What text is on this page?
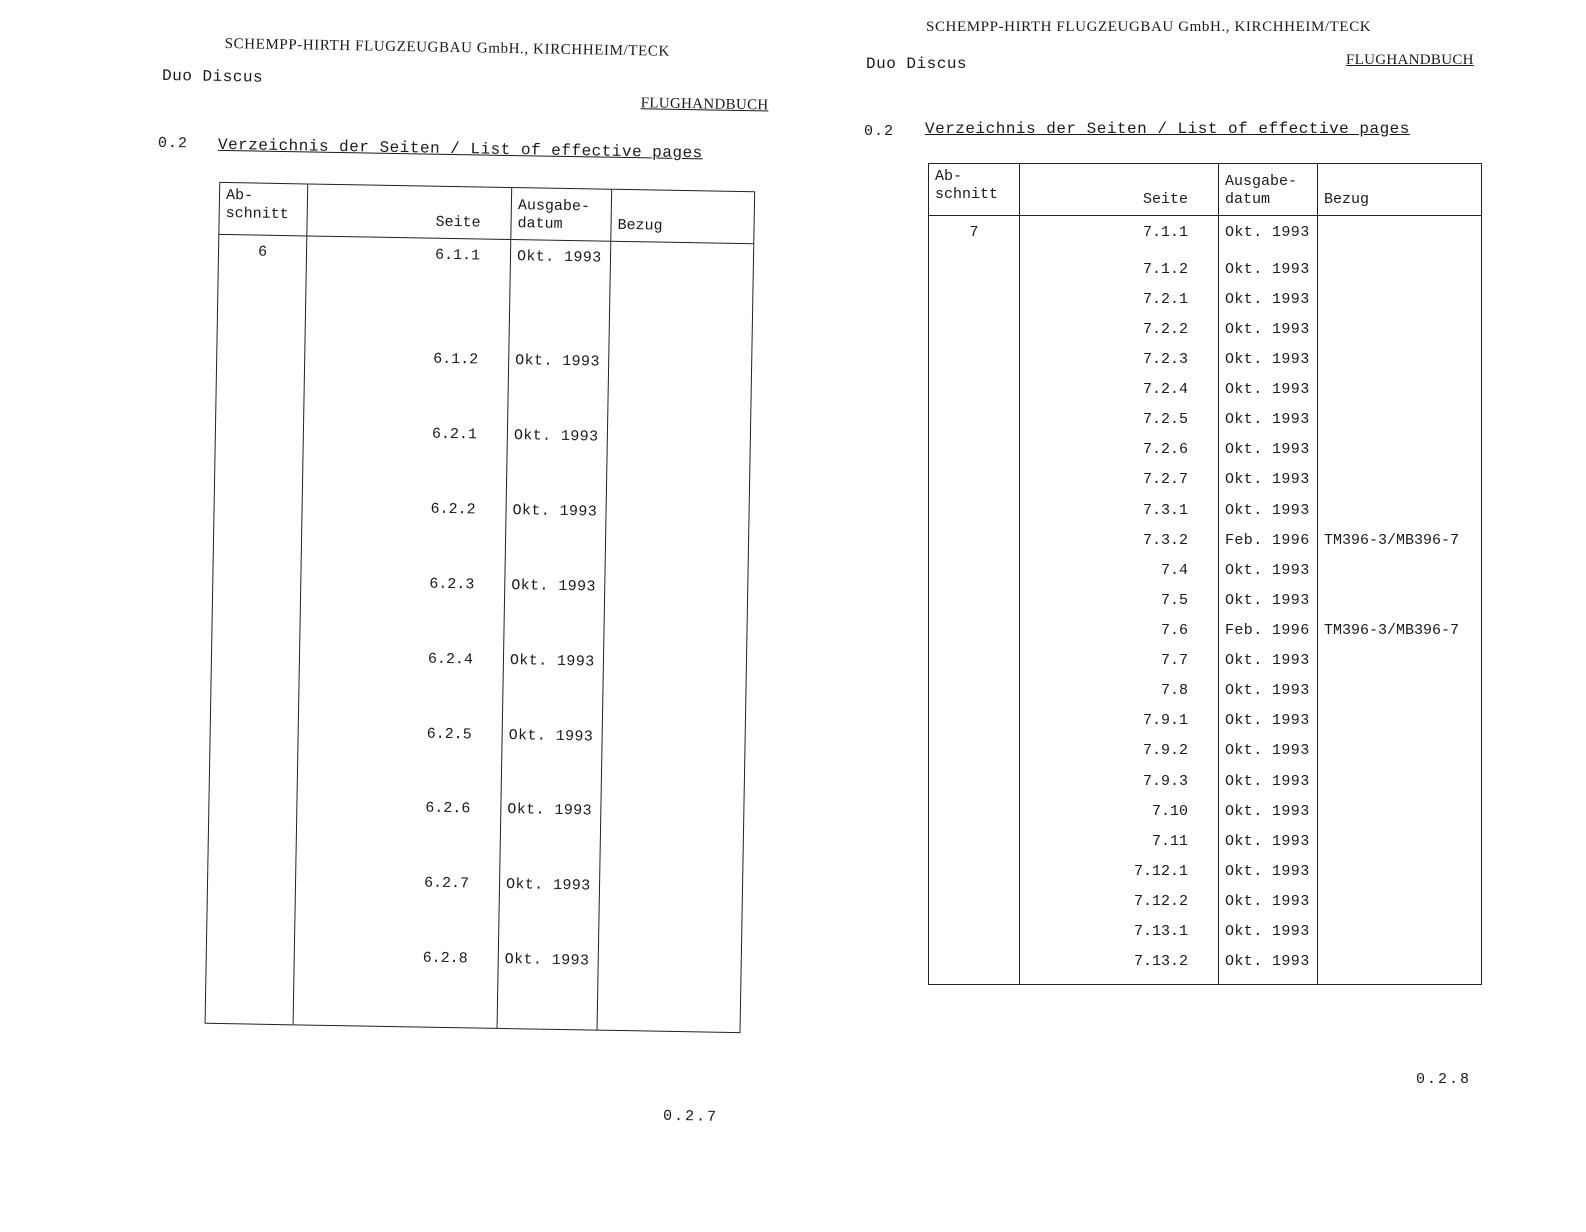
SCHEMPP-HIRTH FLUGZEUGBAU GmbH., KIRCHHEIM/TECK
Duo Discus
FLUGHANDBUCH
0.2 Verzeichnis der Seiten / List of effective pages
Ab-
schnitt	Seite	Ausgabe-
datum	Bezug
6	6.1.1	Okt. 1993	
	6.1.2	Okt. 1993	
	6.2.1	Okt. 1993	
	6.2.2	Okt. 1993	
	6.2.3	Okt. 1993	
	6.2.4	Okt. 1993	
	6.2.5	Okt. 1993	
	6.2.6	Okt. 1993	
	6.2.7	Okt. 1993	
	6.2.8	Okt. 1993	

0.2.7
SCHEMPP-HIRTH FLUGZEUGBAU GmbH., KIRCHHEIM/TECK
Duo Discus	FLUGHANDBUCH
0.2 Verzeichnis der Seiten / List of effective pages
Ab-
schnitt	Seite	Ausgabe-
datum	Bezug
7	7.1.1	Okt. 1993	
	7.1.2	Okt. 1993	
	7.2.1	Okt. 1993	
	7.2.2	Okt. 1993	
	7.2.3	Okt. 1993	
	7.2.4	Okt. 1993	
	7.2.5	Okt. 1993	
	7.2.6	Okt. 1993	
	7.2.7	Okt. 1993	
	7.3.1	Okt. 1993	
	7.3.2	Feb. 1996	TM396-3/MB396-7
	7.4	Okt. 1993	
	7.5	Okt. 1993	
	7.6	Feb. 1996	TM396-3/MB396-7
	7.7	Okt. 1993	
	7.8	Okt. 1993	
	7.9.1	Okt. 1993	
	7.9.2	Okt. 1993	
	7.9.3	Okt. 1993	
	7.10	Okt. 1993	
	7.11	Okt. 1993	
	7.12.1	Okt. 1993	
	7.12.2	Okt. 1993	
	7.13.1	Okt. 1993	
	7.13.2	Okt. 1993	

0.2.8
